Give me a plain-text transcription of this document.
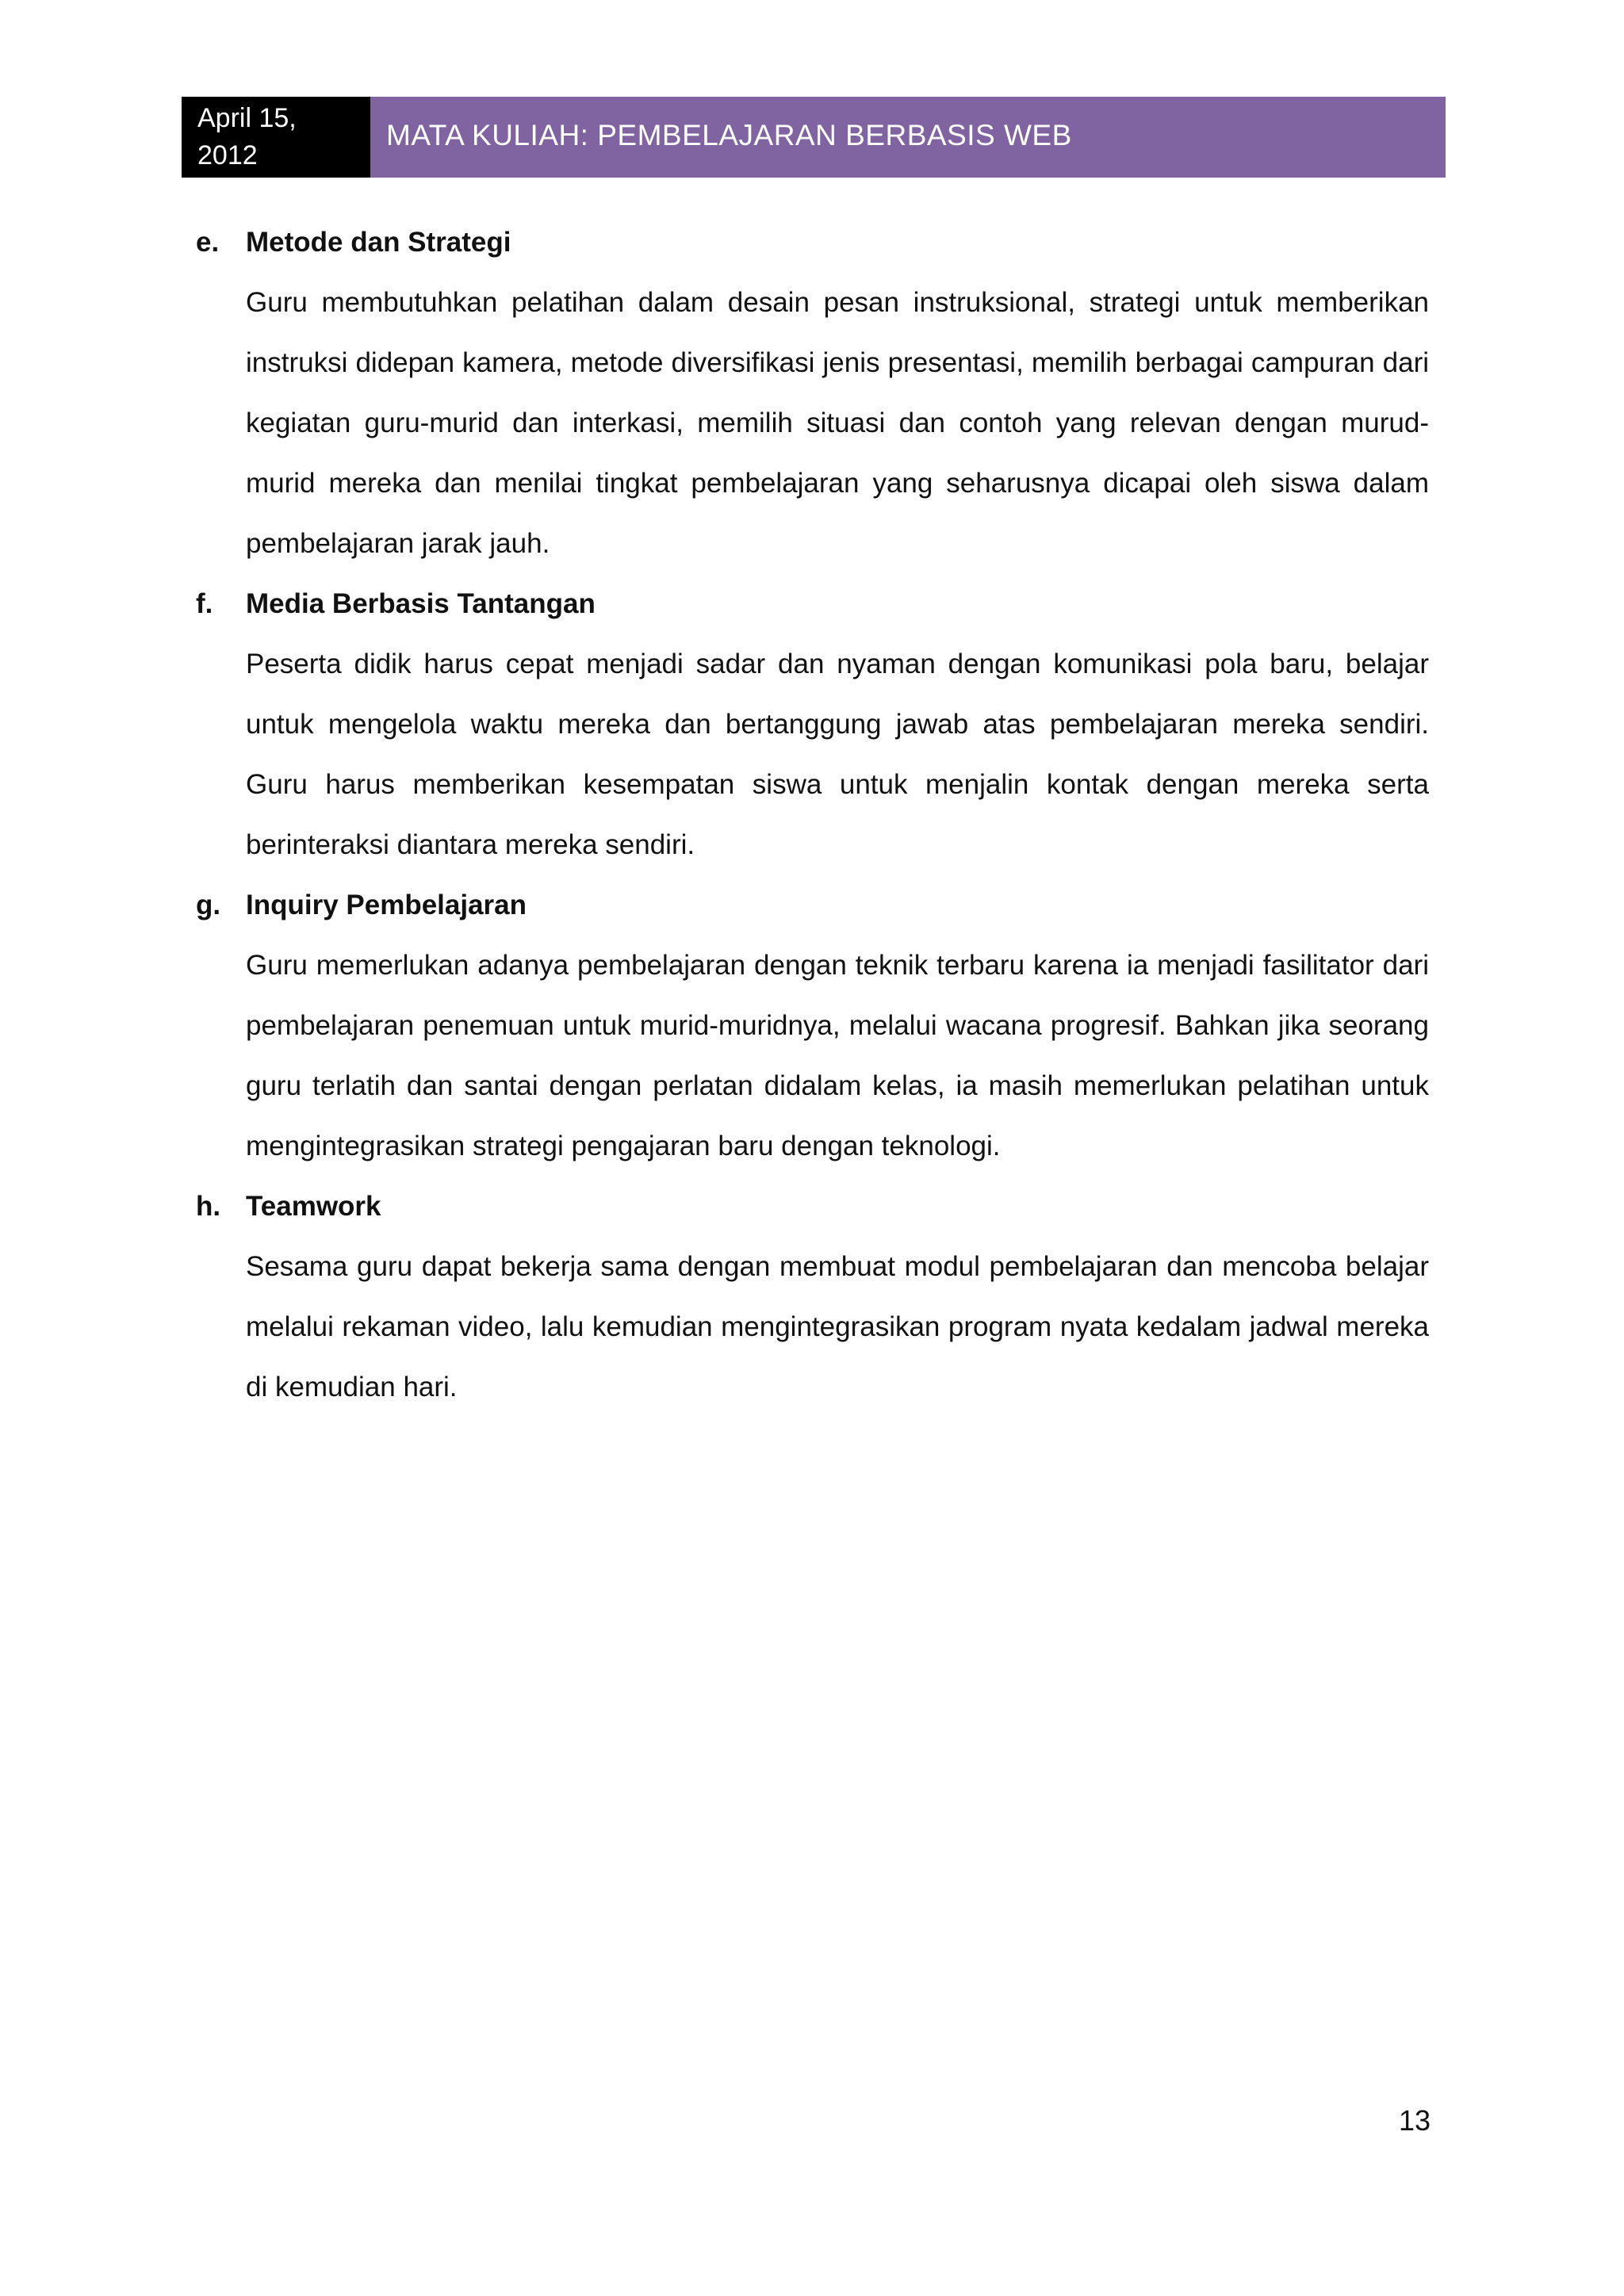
April 15,
2012
MATA KULIAH: PEMBELAJARAN BERBASIS WEB
e. Metode dan Strategi
Guru membutuhkan pelatihan dalam desain pesan instruksional, strategi untuk memberikan instruksi didepan kamera, metode diversifikasi jenis presentasi, memilih berbagai campuran dari kegiatan guru-murid dan interkasi, memilih situasi dan contoh yang relevan dengan murud-murid mereka dan menilai tingkat pembelajaran yang seharusnya dicapai oleh siswa dalam pembelajaran jarak jauh.
f.	Media Berbasis Tantangan
Peserta didik harus cepat menjadi sadar dan nyaman dengan komunikasi pola baru, belajar untuk mengelola waktu mereka dan bertanggung jawab atas pembelajaran mereka sendiri. Guru harus memberikan kesempatan siswa untuk menjalin kontak dengan mereka serta berinteraksi diantara mereka sendiri.
g. Inquiry Pembelajaran
Guru memerlukan adanya pembelajaran dengan teknik terbaru karena ia menjadi fasilitator dari pembelajaran penemuan untuk murid-muridnya, melalui wacana progresif. Bahkan jika seorang guru terlatih dan santai dengan perlatan didalam kelas, ia masih memerlukan pelatihan untuk mengintegrasikan strategi pengajaran baru dengan teknologi.
h. Teamwork
Sesama guru dapat bekerja sama dengan membuat modul pembelajaran dan mencoba belajar melalui rekaman video, lalu kemudian mengintegrasikan program nyata kedalam jadwal mereka di kemudian hari.
13
